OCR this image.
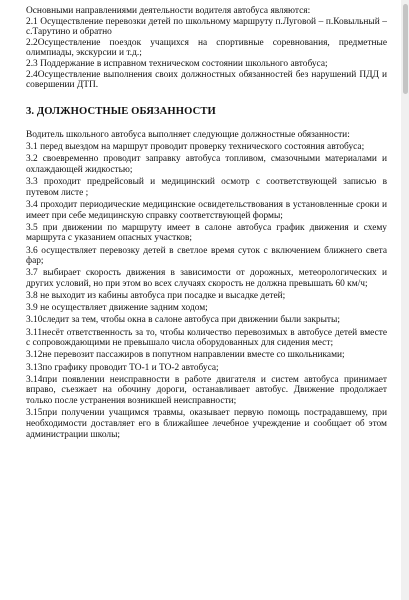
Основными направлениями деятельности водителя автобуса являются:

2.1 Осуществление перевозки детей по школьному маршруту п.Луговой – п.Ковыльный – с.Тарутино и обратно

2.2Осуществление поездок учащихся на спортивные соревнования, предметные олимпиады, экскурсии и т.д.;

2.3 Поддержание в исправном техническом состоянии школьного автобуса;

2.4Осуществление выполнения своих должностных обязанностей без нарушений ПДД и совершении ДТП.

3. ДОЛЖНОСТНЫЕ ОБЯЗАННОСТИ

Водитель школьного автобуса выполняет следующие должностные обязанности:

3.1 перед выездом на маршрут проводит проверку технического состояния автобуса;

3.2 своевременно проводит заправку автобуса топливом, смазочными материалами и охлаждающей жидкостью;

3.3 проходит предрейсовый и медицинский осмотр с соответствующей записью в путевом листе ;

3.4 проходит периодические медицинские освидетельствования в установленные сроки и имеет при себе медицинскую справку соответствующей формы;

3.5 при движении по маршруту имеет в салоне автобуса график движения и схему маршрута с указанием опасных участков;

3.6 осуществляет перевозку детей в светлое время суток с включением ближнего света фар;

3.7 выбирает скорость движения в зависимости от дорожных, метеорологических и других условий, но при этом во всех случаях скорость не должна превышать 60 км/ч;

3.8 не выходит из кабины автобуса при посадке и высадке детей;

3.9 не осуществляет движение задним ходом;

3.10следит за тем, чтобы окна в салоне автобуса при движении были закрыты;

3.11несёт ответственность за то, чтобы количество перевозимых в автобусе детей вместе с сопровождающими не превышало числа оборудованных для сидения мест;

3.12не перевозит пассажиров в попутном направлении вместе со школьниками;

3.13по графику проводит ТО-1 и ТО-2 автобуса;

3.14при появлении неисправности в работе двигателя и систем автобуса принимает вправо, съезжает на обочину дороги, останавливает автобус. Движение продолжает только после устранения возникшей неисправности;

3.15при получении учащимся травмы, оказывает первую помощь пострадавшему, при необходимости доставляет его в ближайшее лечебное учреждение и сообщает об этом администрации школы;
